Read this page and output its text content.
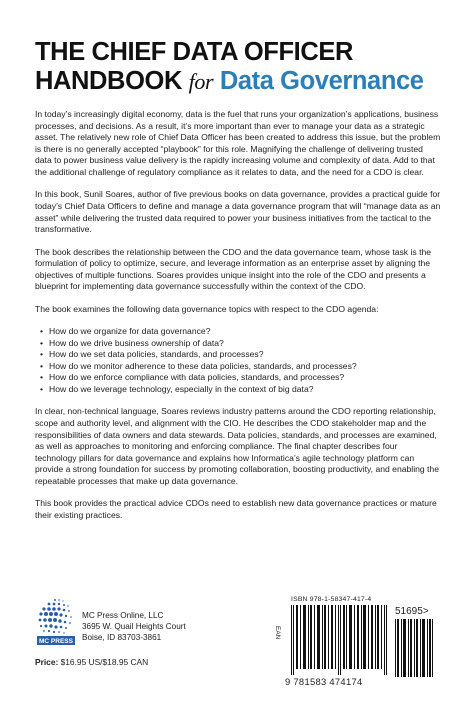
THE CHIEF DATA OFFICER
HANDBOOK for Data Governance

In today’s increasingly digital economy, data is the fuel that runs your organization’s applications, business processes, and decisions. As a result, it’s more important than ever to manage your data as a strategic asset. The relatively new role of Chief Data Officer has been created to address this issue, but the problem is there is no generally accepted “playbook” for this role. Magnifying the challenge of delivering trusted data to power business value delivery is the rapidly increasing volume and complexity of data. Add to that the additional challenge of regulatory compliance as it relates to data, and the need for a CDO is clear.

In this book, Sunil Soares, author of five previous books on data governance, provides a practical guide for today’s Chief Data Officers to define and manage a data governance program that will “manage data as an asset” while delivering the trusted data required to power your business initiatives from the tactical to the transformative.

The book describes the relationship between the CDO and the data governance team, whose task is the formulation of policy to optimize, secure, and leverage information as an enterprise asset by aligning the objectives of multiple functions. Soares provides unique insight into the role of the CDO and presents a blueprint for implementing data governance successfully within the context of the CDO.

The book examines the following data governance topics with respect to the CDO agenda:

• How do we organize for data governance?
• How do we drive business ownership of data?
• How do we set data policies, standards, and processes?
• How do we monitor adherence to these data policies, standards, and processes?
• How do we enforce compliance with data policies, standards, and processes?
• How do we leverage technology, especially in the context of big data?

In clear, non-technical language, Soares reviews industry patterns around the CDO reporting relationship, scope and authority level, and alignment with the CIO. He describes the CDO stakeholder map and the responsibilities of data owners and data stewards. Data policies, standards, and processes are examined, as well as approaches to monitoring and enforcing compliance. The final chapter describes four technology pillars for data governance and explains how Informatica’s agile technology platform can provide a strong foundation for success by promoting collaboration, boosting productivity, and enabling the repeatable processes that make up data governance.

This book provides the practical advice CDOs need to establish new data governance practices or mature their existing practices.

MC PRESS
MC Press Online, LLC
3695 W. Quail Heights Court
Boise, ID 83703-3861
Price: $16.95 US/$18.95 CAN
ISBN 978-1-58347-417-4
51695>
EAN
9 781583 474174
